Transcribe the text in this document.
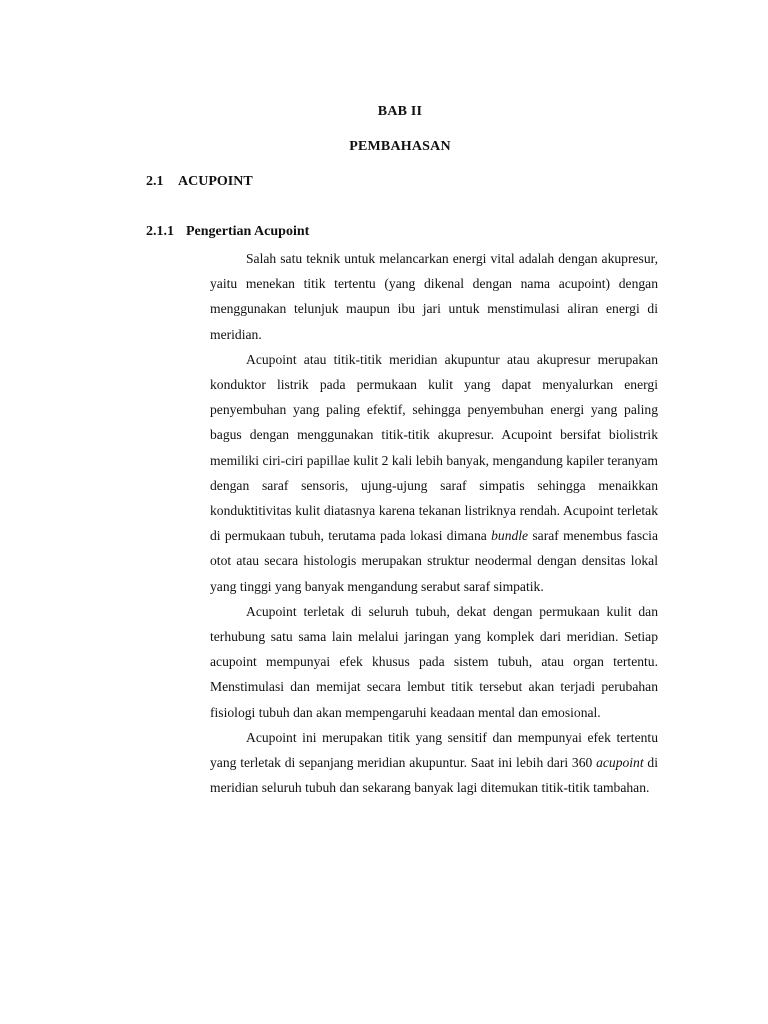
BAB II
PEMBAHASAN
2.1 ACUPOINT
2.1.1 Pengertian Acupoint

Salah satu teknik untuk melancarkan energi vital adalah dengan akupresur, yaitu menekan titik tertentu (yang dikenal dengan nama acupoint) dengan menggunakan telunjuk maupun ibu jari untuk menstimulasi aliran energi di meridian.

Acupoint atau titik-titik meridian akupuntur atau akupresur merupakan konduktor listrik pada permukaan kulit yang dapat menyalurkan energi penyembuhan yang paling efektif, sehingga penyembuhan energi yang paling bagus dengan menggunakan titik-titik akupresur. Acupoint bersifat biolistrik memiliki ciri-ciri papillae kulit 2 kali lebih banyak, mengandung kapiler teranyam dengan saraf sensoris, ujung-ujung saraf simpatis sehingga menaikkan konduktitivitas kulit diatasnya karena tekanan listriknya rendah. Acupoint terletak di permukaan tubuh, terutama pada lokasi dimana bundle saraf menembus fascia otot atau secara histologis merupakan struktur neodermal dengan densitas lokal yang tinggi yang banyak mengandung serabut saraf simpatik.

Acupoint terletak di seluruh tubuh, dekat dengan permukaan kulit dan terhubung satu sama lain melalui jaringan yang komplek dari meridian. Setiap acupoint mempunyai efek khusus pada sistem tubuh, atau organ tertentu. Menstimulasi dan memijat secara lembut titik tersebut akan terjadi perubahan fisiologi tubuh dan akan mempengaruhi keadaan mental dan emosional.

Acupoint ini merupakan titik yang sensitif dan mempunyai efek tertentu yang terletak di sepanjang meridian akupuntur. Saat ini lebih dari 360 acupoint di meridian seluruh tubuh dan sekarang banyak lagi ditemukan titik-titik tambahan.
